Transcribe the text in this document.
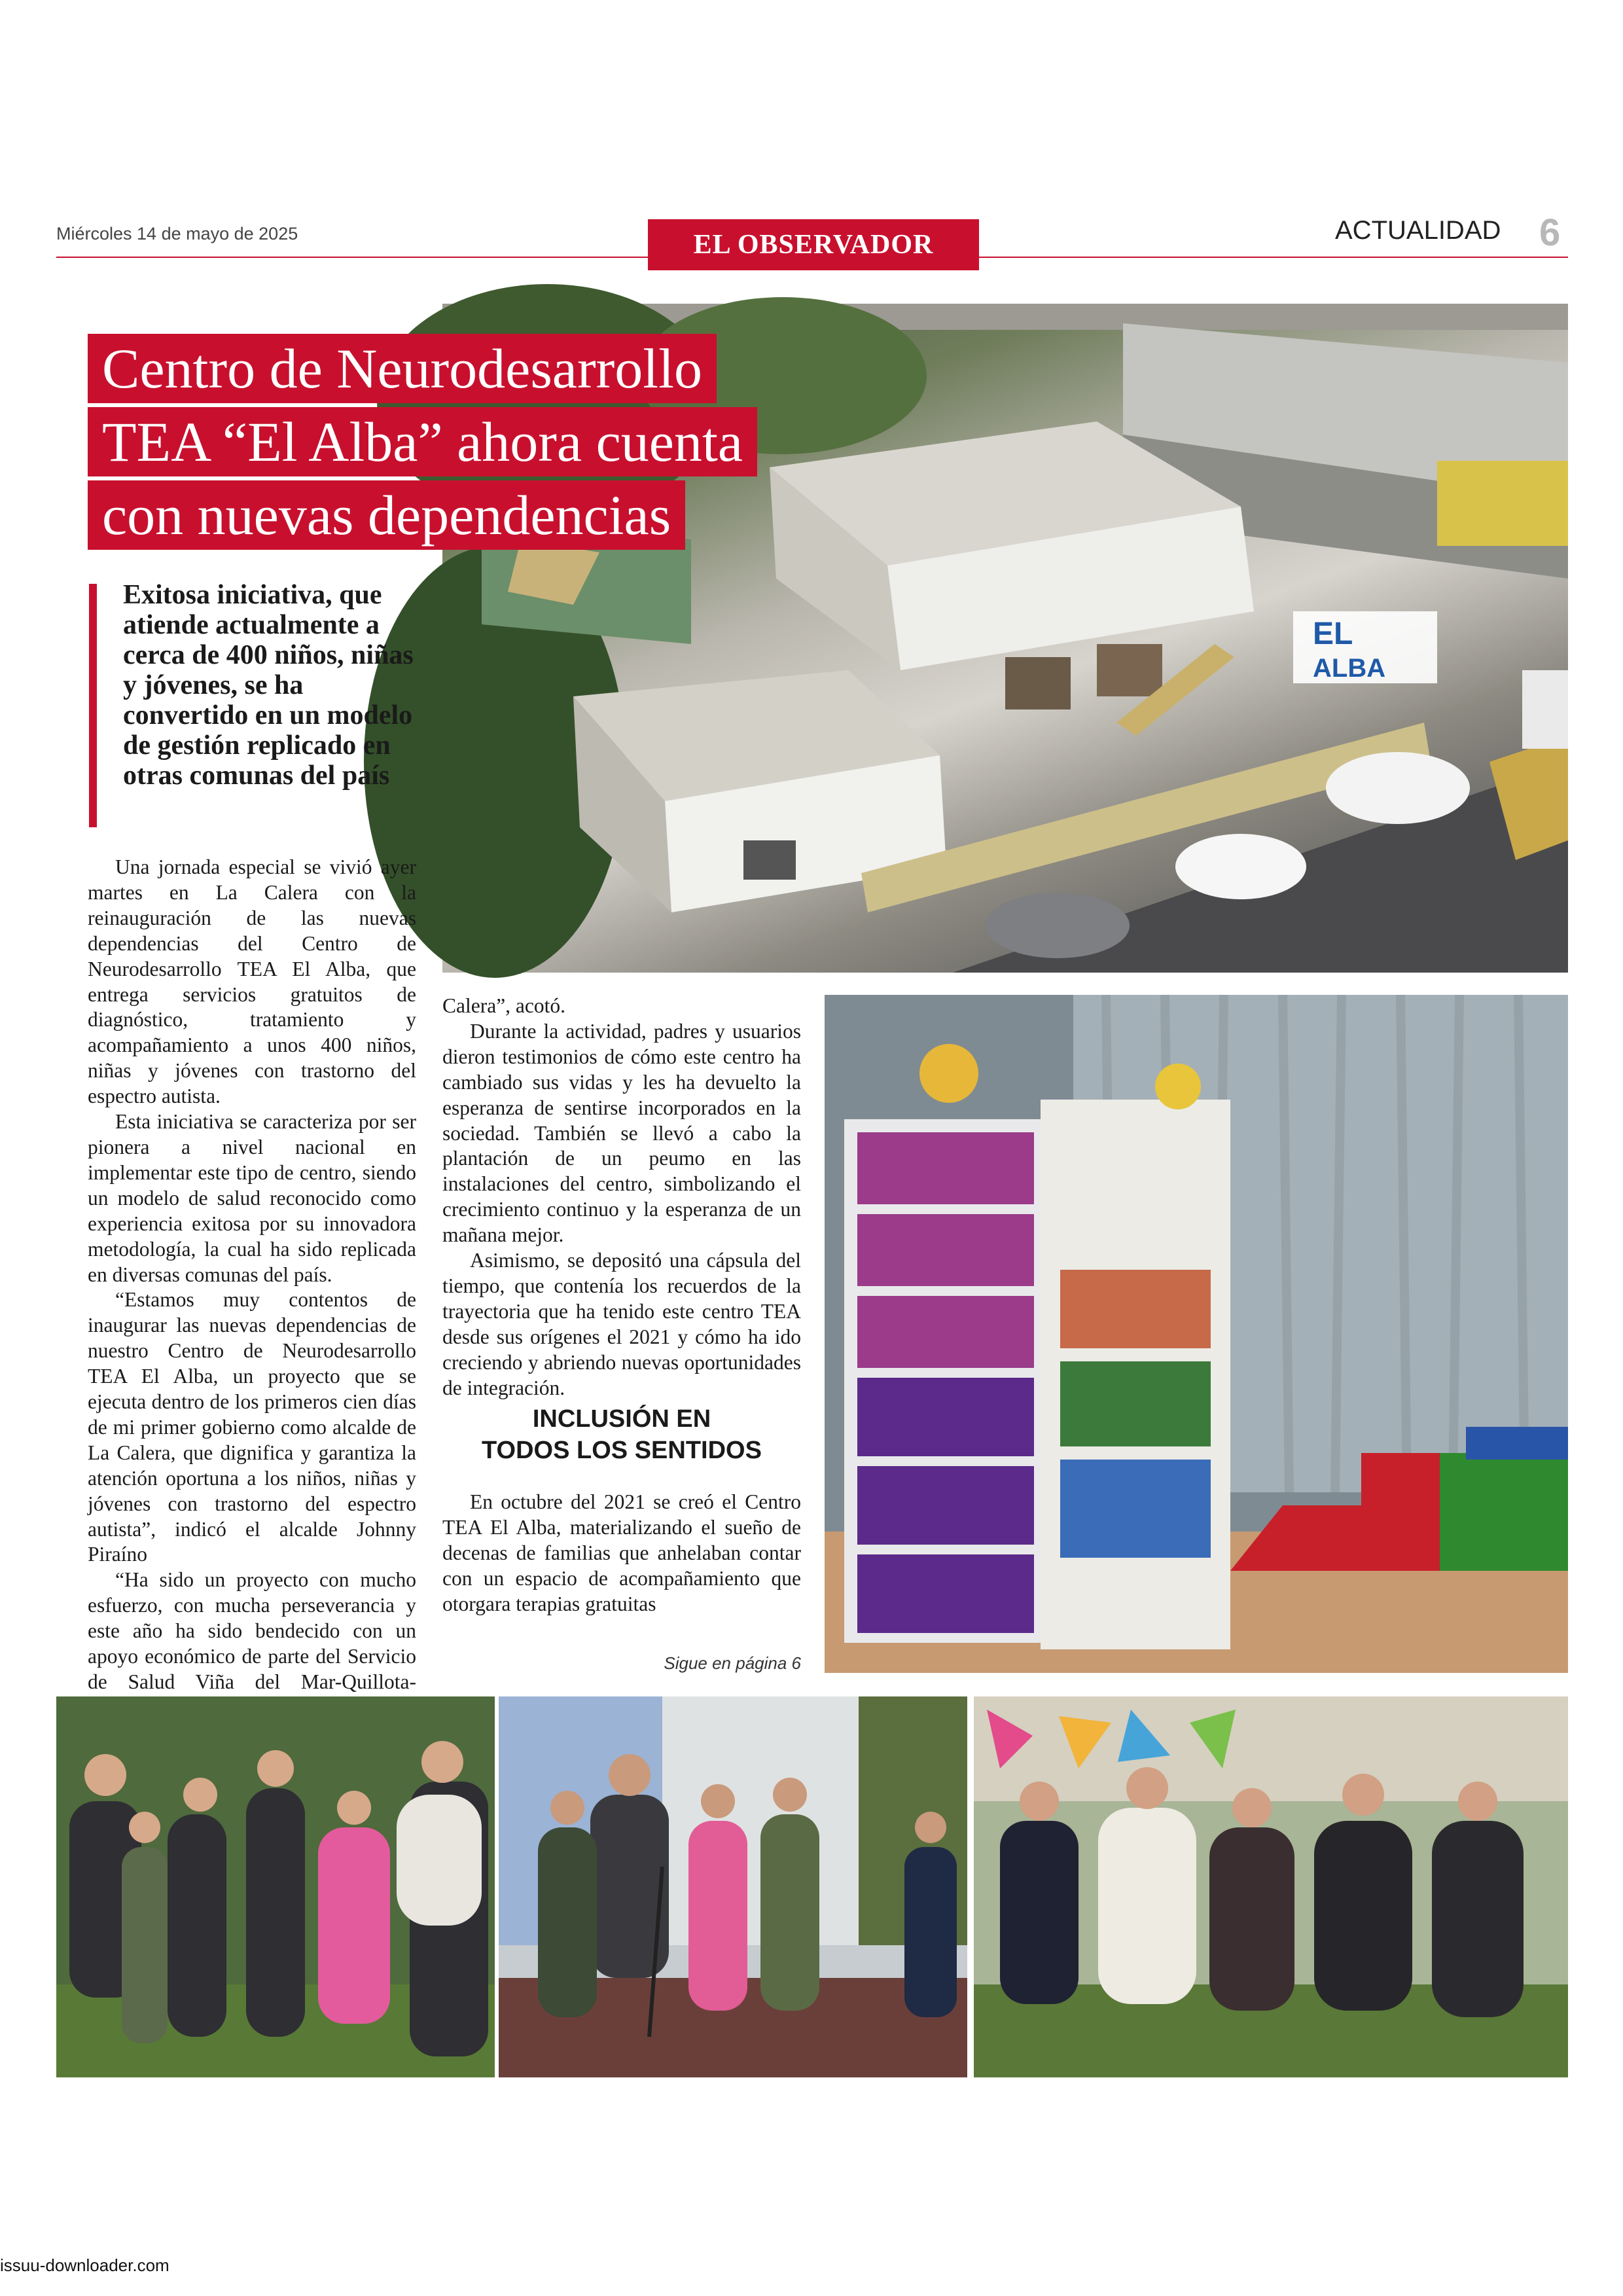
Miércoles 14 de mayo de 2025	EL OBSERVADOR	ACTUALIDAD 6
EL
ALBA
Centro de Neurodesarrollo
TEA “El Alba” ahora cuenta
con nuevas dependencias
Exitosa iniciativa, que atiende actualmente a cerca de 400 niños, niñas y jóvenes, se ha convertido en un modelo de gestión replicado en otras comunas del país

Una jornada especial se vivió ayer martes en La Calera con la reinauguración de las nuevas dependencias del Centro de Neurodesarrollo TEA El Alba, que entrega servicios gratuitos de diagnóstico, tratamiento y acompañamiento a unos 400 niños, niñas y jóvenes con trastorno del espectro autista.

Esta iniciativa se caracteriza por ser pionera a nivel nacional en implementar este tipo de centro, siendo un modelo de salud reconocido como experiencia exitosa por su innovadora metodología, la cual ha sido replicada en diversas comunas del país.

“Estamos muy contentos de inaugurar las nuevas dependencias de nuestro Centro de Neurodesarrollo TEA El Alba, un proyecto que se ejecuta dentro de los primeros cien días de mi primer gobierno como alcalde de La Calera, que dignifica y garantiza la atención oportuna a los niños, niñas y jóvenes con trastorno del espectro autista”, indicó el alcalde Johnny Piraíno

“Ha sido un proyecto con mucho esfuerzo, con mucha perseverancia y este año ha sido bendecido con un apoyo económico de parte del Servicio de Salud Viña del Mar-Quillota-

Calera”, acotó.

Durante la actividad, padres y usuarios dieron testimonios de cómo este centro ha cambiado sus vidas y les ha devuelto la esperanza de sentirse incorporados en la sociedad. También se llevó a cabo la plantación de un peumo en las instalaciones del centro, simbolizando el crecimiento continuo y la esperanza de un mañana mejor.

Asimismo, se depositó una cápsula del tiempo, que contenía los recuerdos de la trayectoria que ha tenido este centro TEA desde sus orígenes el 2021 y cómo ha ido creciendo y abriendo nuevas oportunidades de integración.

INCLUSIÓN EN
TODOS LOS SENTIDOS

En octubre del 2021 se creó el Centro TEA El Alba, materializando el sueño de decenas de familias que anhelaban contar con un espacio de acompañamiento que otorgara terapias gratuitas

Sigue en página 6
issuu-downloader.com
